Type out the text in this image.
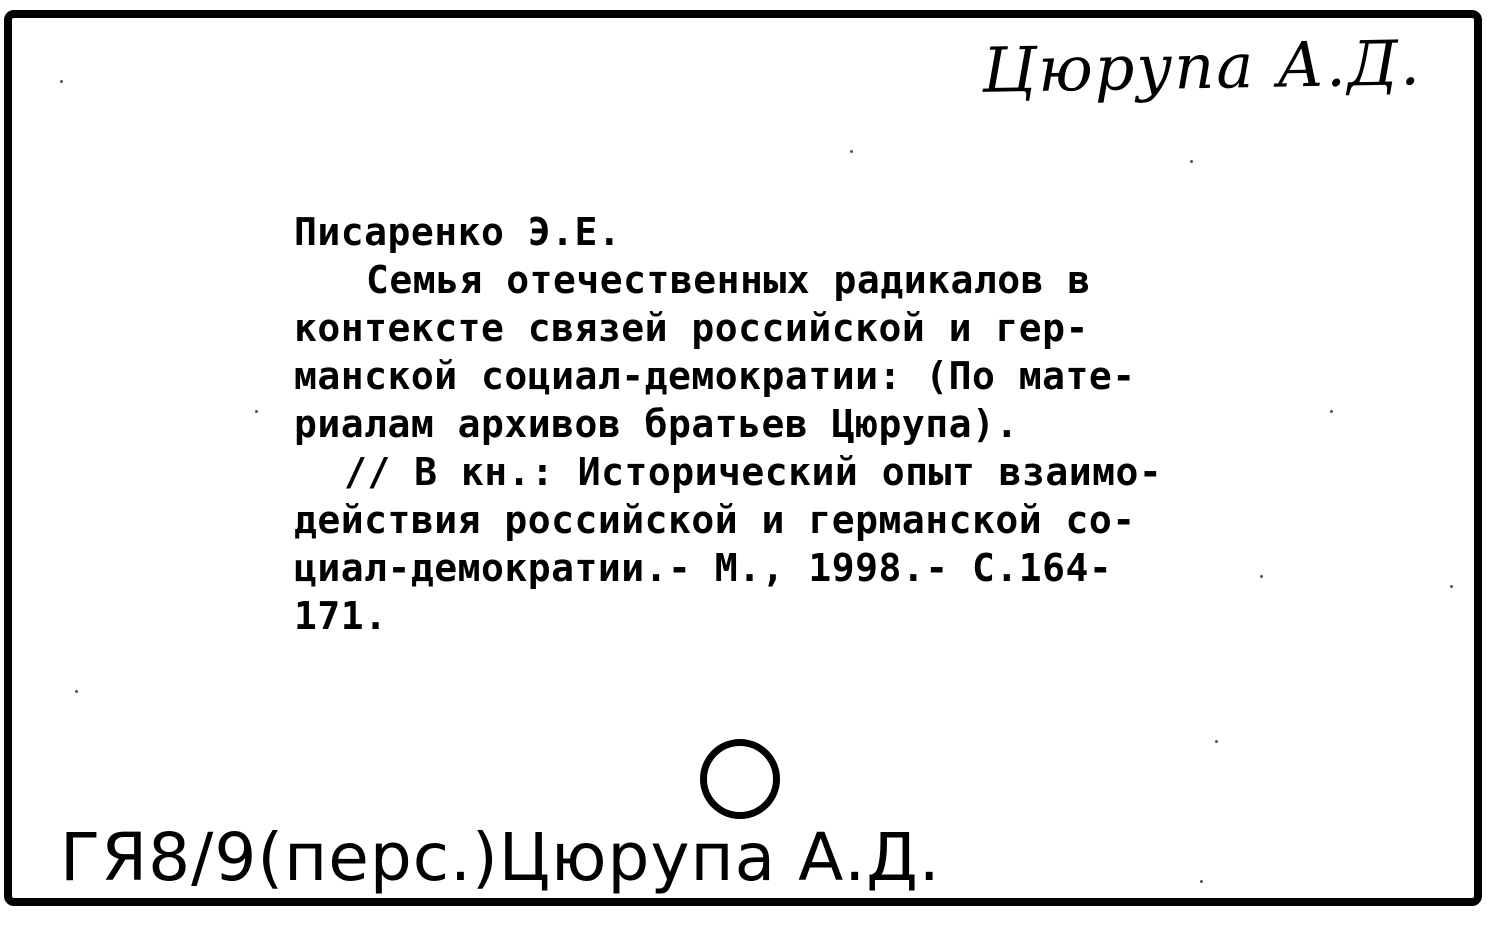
Цюрупа А.Д.
Писаренко Э.Е.
Семья отечественных радикалов в
контексте связей российской и гер-
манской социал-демократии: (По мате-
риалам архивов братьев Цюрупа).
// В кн.: Исторический опыт взаимо-
действия российской и германской со-
циал-демократии.- М., 1998.- С.164-
171.
ГЯ8/9(перс.)Цюрупа А.Д.
